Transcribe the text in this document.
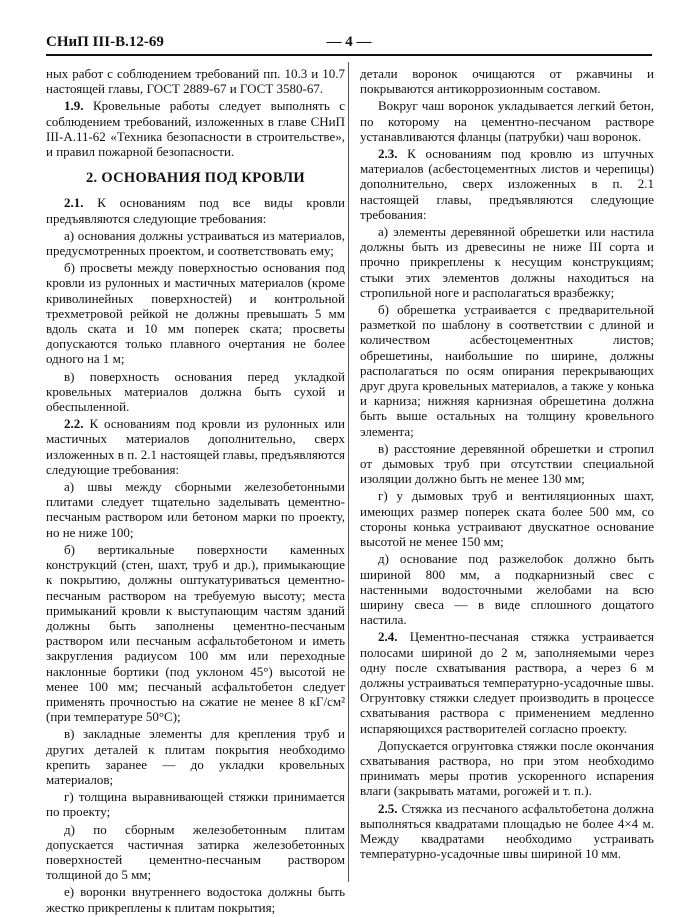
СНиП III-В.12-69	— 4 —

ных работ с соблюдением требований пп. 10.3 и 10.7 настоящей главы, ГОСТ 2889-67 и ГОСТ 3580-67.

1.9. Кровельные работы следует выполнять с соблюдением требований, изложенных в главе СНиП III-А.11-62 «Техника безопасности в строительстве», и правил пожарной безопасности.

2. ОСНОВАНИЯ ПОД КРОВЛИ

2.1. К основаниям под все виды кровли предъявляются следующие требования:

а) основания должны устраиваться из материалов, предусмотренных проектом, и соответствовать ему;

б) просветы между поверхностью основания под кровли из рулонных и мастичных материалов (кроме криволинейных поверхностей) и контрольной трехметровой рейкой не должны превышать 5 мм вдоль ската и 10 мм поперек ската; просветы допускаются только плавного очертания не более одного на 1 м;

в) поверхность основания перед укладкой кровельных материалов должна быть сухой и обеспыленной.

2.2. К основаниям под кровли из рулонных или мастичных материалов дополнительно, сверх изложенных в п. 2.1 настоящей главы, предъявляются следующие требования:

а) швы между сборными железобетонными плитами следует тщательно заделывать цементно-песчаным раствором или бетоном марки по проекту, но не ниже 100;

б) вертикальные поверхности каменных конструкций (стен, шахт, труб и др.), примыкающие к покрытию, должны оштукатуриваться цементно-песчаным раствором на требуемую высоту; места примыканий кровли к выступающим частям зданий должны быть заполнены цементно-песчаным раствором или песчаным асфальтобетоном и иметь закругления радиусом 100 мм или переходные наклонные бортики (под уклоном 45°) высотой не менее 100 мм; песчаный асфальтобетон следует применять прочностью на сжатие не менее 8 кГ/см² (при температуре 50°С);

в) закладные элементы для крепления труб и других деталей к плитам покрытия необходимо крепить заранее — до укладки кровельных материалов;

г) толщина выравнивающей стяжки принимается по проекту;

д) по сборным железобетонным плитам допускается частичная затирка железобетонных поверхностей цементно-песчаным раствором толщиной до 5 мм;

е) воронки внутреннего водостока должны быть жестко прикреплены к плитам покрытия;

детали воронок очищаются от ржавчины и покрываются антикоррозионным составом.

Вокруг чаш воронок укладывается легкий бетон, по которому на цементно-песчаном растворе устанавливаются фланцы (патрубки) чаш воронок.

2.3. К основаниям под кровлю из штучных материалов (асбестоцементных листов и черепицы) дополнительно, сверх изложенных в п. 2.1 настоящей главы, предъявляются следующие требования:

а) элементы деревянной обрешетки или настила должны быть из древесины не ниже III сорта и прочно прикреплены к несущим конструкциям; стыки этих элементов должны находиться на стропильной ноге и располагаться вразбежку;

б) обрешетка устраивается с предварительной разметкой по шаблону в соответствии с длиной и количеством асбестоцементных листов; обрешетины, наибольшие по ширине, должны располагаться по осям опирания перекрывающих друг друга кровельных материалов, а также у конька и карниза; нижняя карнизная обрешетина должна быть выше остальных на толщину кровельного элемента;

в) расстояние деревянной обрешетки и стропил от дымовых труб при отсутствии специальной изоляции должно быть не менее 130 мм;

г) у дымовых труб и вентиляционных шахт, имеющих размер поперек ската более 500 мм, со стороны конька устраивают двускатное основание высотой не менее 150 мм;

д) основание под разжелобок должно быть шириной 800 мм, а подкарнизный свес с настенными водосточными желобами на всю ширину свеса — в виде сплошного дощатого настила.

2.4. Цементно-песчаная стяжка устраивается полосами шириной до 2 м, заполняемыми через одну после схватывания раствора, а через 6 м должны устраиваться температурно-усадочные швы. Огрунтовку стяжки следует производить в процессе схватывания раствора с применением медленно испаряющихся растворителей согласно проекту.

Допускается огрунтовка стяжки после окончания схватывания раствора, но при этом необходимо принимать меры против ускоренного испарения влаги (закрывать матами, рогожей и т. п.).

2.5. Стяжка из песчаного асфальтобетона должна выполняться квадратами площадью не более 4×4 м. Между квадратами необходимо устраивать температурно-усадочные швы шириной 10 мм.
